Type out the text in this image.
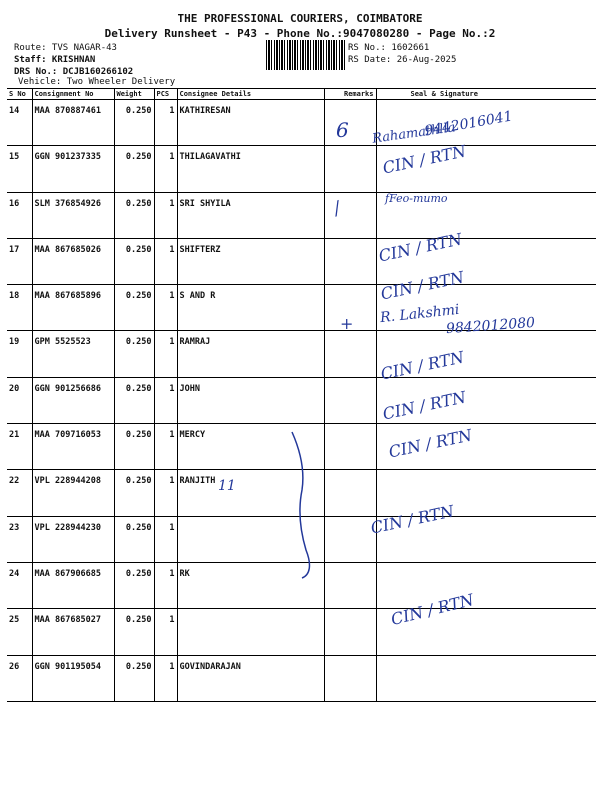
THE PROFESSIONAL COURIERS, COIMBATORE
Delivery Runsheet - P43 - Phone No.:9047080280 - Page No.:2
Route: TVS NAGAR-43
Staff: KRISHNAN
DRS No.: DCJB160266102
Vehicle: Two Wheeler Delivery
RS No.: 1602661
RS Date: 26-Aug-2025
S No	Consignment No	Weight	PCS	Consignee Details	Remarks	Seal & Signature
14	MAA 870887461	0.250	1	KATHIRESAN		
15	GGN 901237335	0.250	1	THILAGAVATHI		
16	SLM 376854926	0.250	1	SRI SHYILA		
17	MAA 867685026	0.250	1	SHIFTERZ		
18	MAA 867685896	0.250	1	S AND R		
19	GPM 5525523	0.250	1	RAMRAJ		
20	GGN 901256686	0.250	1	JOHN		
21	MAA 709716053	0.250	1	MERCY		
22	VPL 228944208	0.250	1	RANJITH		
23	VPL 228944230	0.250	1			
24	MAA 867906685	0.250	1	RK		
25	MAA 867685027	0.250	1			
26	GGN 901195054	0.250	1	GOVINDARAJAN		
Rahamathlla
9442016041
6
CIN / RTN
fFeo-mumo
/
CIN / RTN
CIN / RTN
R. Lakshmi
9842012080
+
CIN / RTN
CIN / RTN
CIN / RTN
11
CIN / RTN
CIN / RTN
